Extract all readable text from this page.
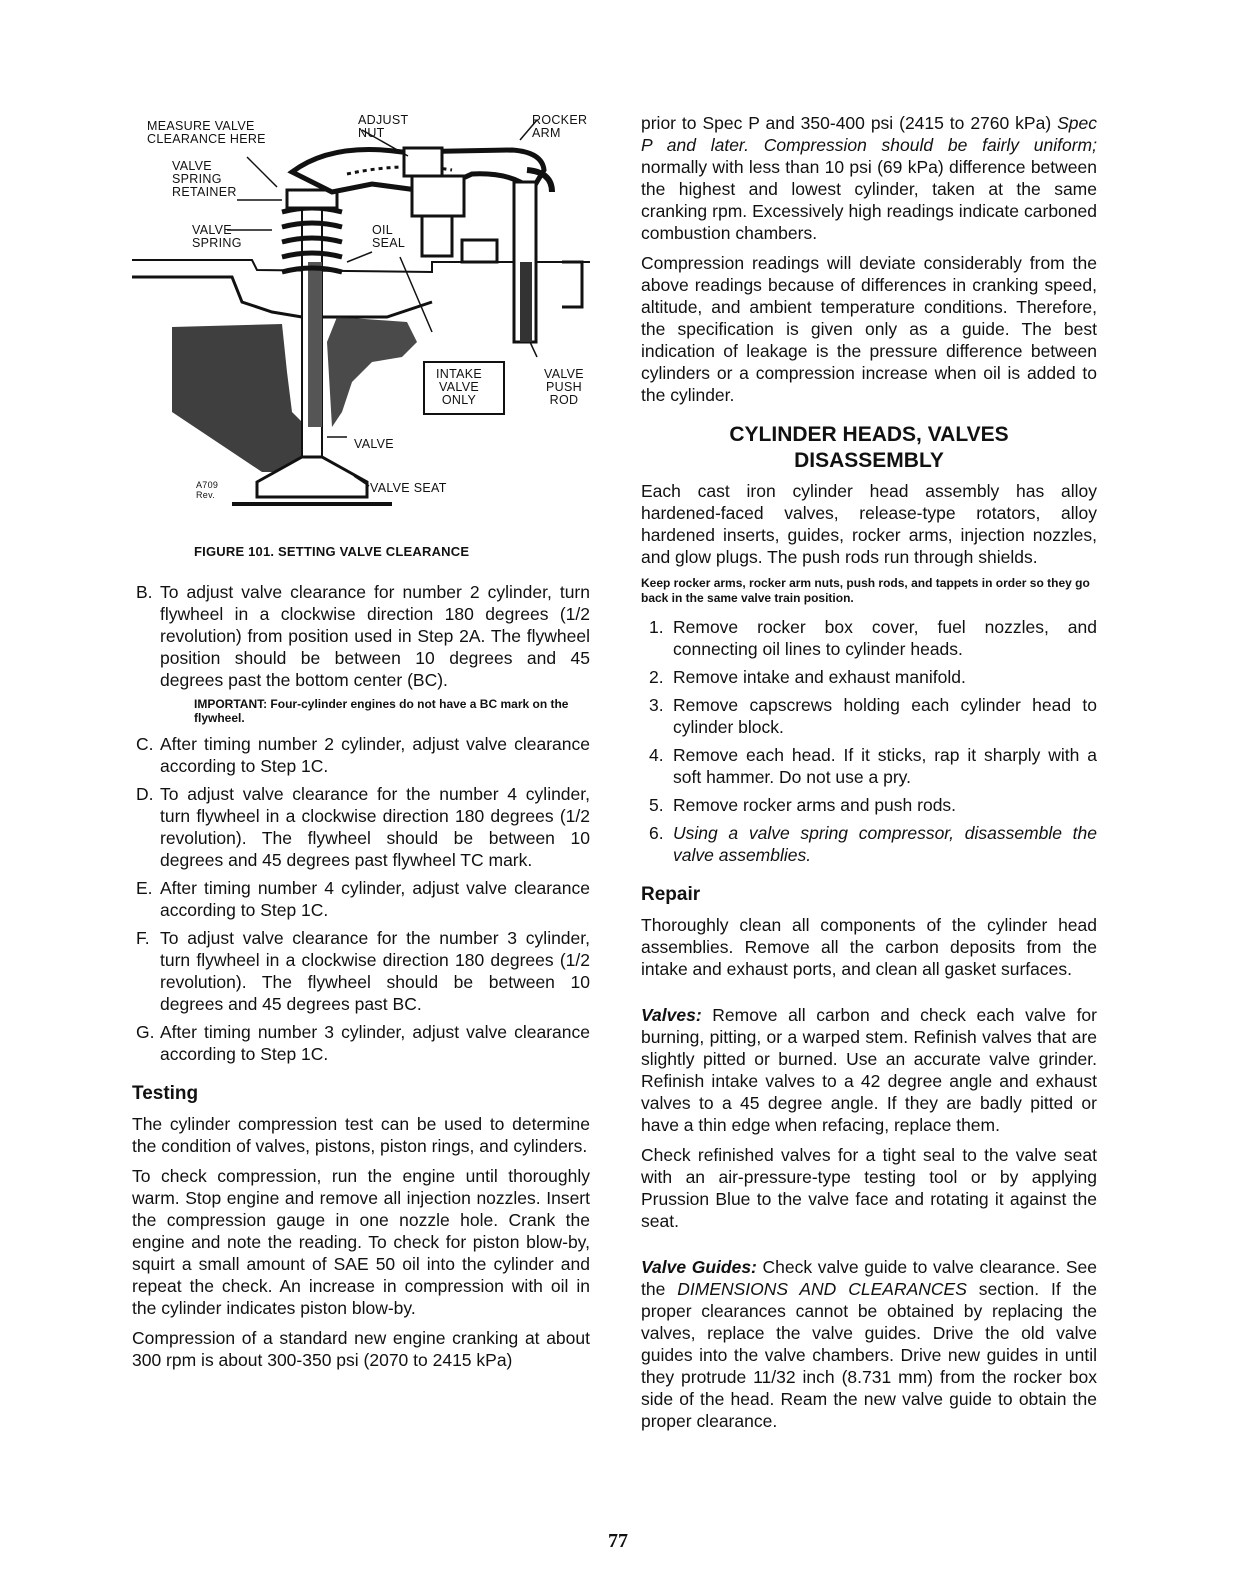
MEASURE VALVE
CLEARANCE HERE
ADJUST
NUT
ROCKER
ARM
VALVE
SPRING
RETAINER
VALVE
SPRING
OIL
SEAL
INTAKE
VALVE
ONLY
VALVE
PUSH
ROD
VALVE
VALVE SEAT
A709
Rev.
FIGURE 101. SETTING VALVE CLEARANCE
B. To adjust valve clearance for number 2 cylinder, turn flywheel in a clockwise direction 180 degrees (1/2 revolution) from position used in Step 2A. The flywheel position should be between 10 degrees and 45 degrees past the bottom center (BC).
IMPORTANT: Four-cylinder engines do not have a BC mark on the flywheel.
C. After timing number 2 cylinder, adjust valve clearance according to Step 1C.
D. To adjust valve clearance for the number 4 cylinder, turn flywheel in a clockwise direction 180 degrees (1/2 revolution). The flywheel should be between 10 degrees and 45 degrees past flywheel TC mark.
E. After timing number 4 cylinder, adjust valve clearance according to Step 1C.
F. To adjust valve clearance for the number 3 cylinder, turn flywheel in a clockwise direction 180 degrees (1/2 revolution). The flywheel should be between 10 degrees and 45 degrees past BC.
G. After timing number 3 cylinder, adjust valve clearance according to Step 1C.
Testing

The cylinder compression test can be used to determine the condition of valves, pistons, piston rings, and cylinders.

To check compression, run the engine until thoroughly warm. Stop engine and remove all injection nozzles. Insert the compression gauge in one nozzle hole. Crank the engine and note the reading. To check for piston blow-by, squirt a small amount of SAE 50 oil into the cylinder and repeat the check. An increase in compression with oil in the cylinder indicates piston blow-by.

Compression of a standard new engine cranking at about 300 rpm is about 300-350 psi (2070 to 2415 kPa)

prior to Spec P and 350-400 psi (2415 to 2760 kPa) Spec P and later. Compression should be fairly uniform; normally with less than 10 psi (69 kPa) difference between the highest and lowest cylinder, taken at the same cranking rpm. Excessively high readings indicate carboned combustion chambers.

Compression readings will deviate considerably from the above readings because of differences in cranking speed, altitude, and ambient temperature conditions. Therefore, the specification is given only as a guide. The best indication of leakage is the pressure difference between cylinders or a compression increase when oil is added to the cylinder.

CYLINDER HEADS, VALVES
DISASSEMBLY

Each cast iron cylinder head assembly has alloy hardened-faced valves, release-type rotators, alloy hardened inserts, guides, rocker arms, injection nozzles, and glow plugs. The push rods run through shields.

Keep rocker arms, rocker arm nuts, push rods, and tappets in order so they go back in the same valve train position.
1. Remove rocker box cover, fuel nozzles, and connecting oil lines to cylinder heads.
2. Remove intake and exhaust manifold.
3. Remove capscrews holding each cylinder head to cylinder block.
4. Remove each head. If it sticks, rap it sharply with a soft hammer. Do not use a pry.
5. Remove rocker arms and push rods.
6. Using a valve spring compressor, disassemble the valve assemblies.
Repair

Thoroughly clean all components of the cylinder head assemblies. Remove all the carbon deposits from the intake and exhaust ports, and clean all gasket surfaces.

Valves: Remove all carbon and check each valve for burning, pitting, or a warped stem. Refinish valves that are slightly pitted or burned. Use an accurate valve grinder. Refinish intake valves to a 42 degree angle and exhaust valves to a 45 degree angle. If they are badly pitted or have a thin edge when refacing, replace them.

Check refinished valves for a tight seal to the valve seat with an air-pressure-type testing tool or by applying Prussion Blue to the valve face and rotating it against the seat.

Valve Guides: Check valve guide to valve clearance. See the DIMENSIONS AND CLEARANCES section. If the proper clearances cannot be obtained by replacing the valves, replace the valve guides. Drive the old valve guides into the valve chambers. Drive new guides in until they protrude 11/32 inch (8.731 mm) from the rocker box side of the head. Ream the new valve guide to obtain the proper clearance.

77
